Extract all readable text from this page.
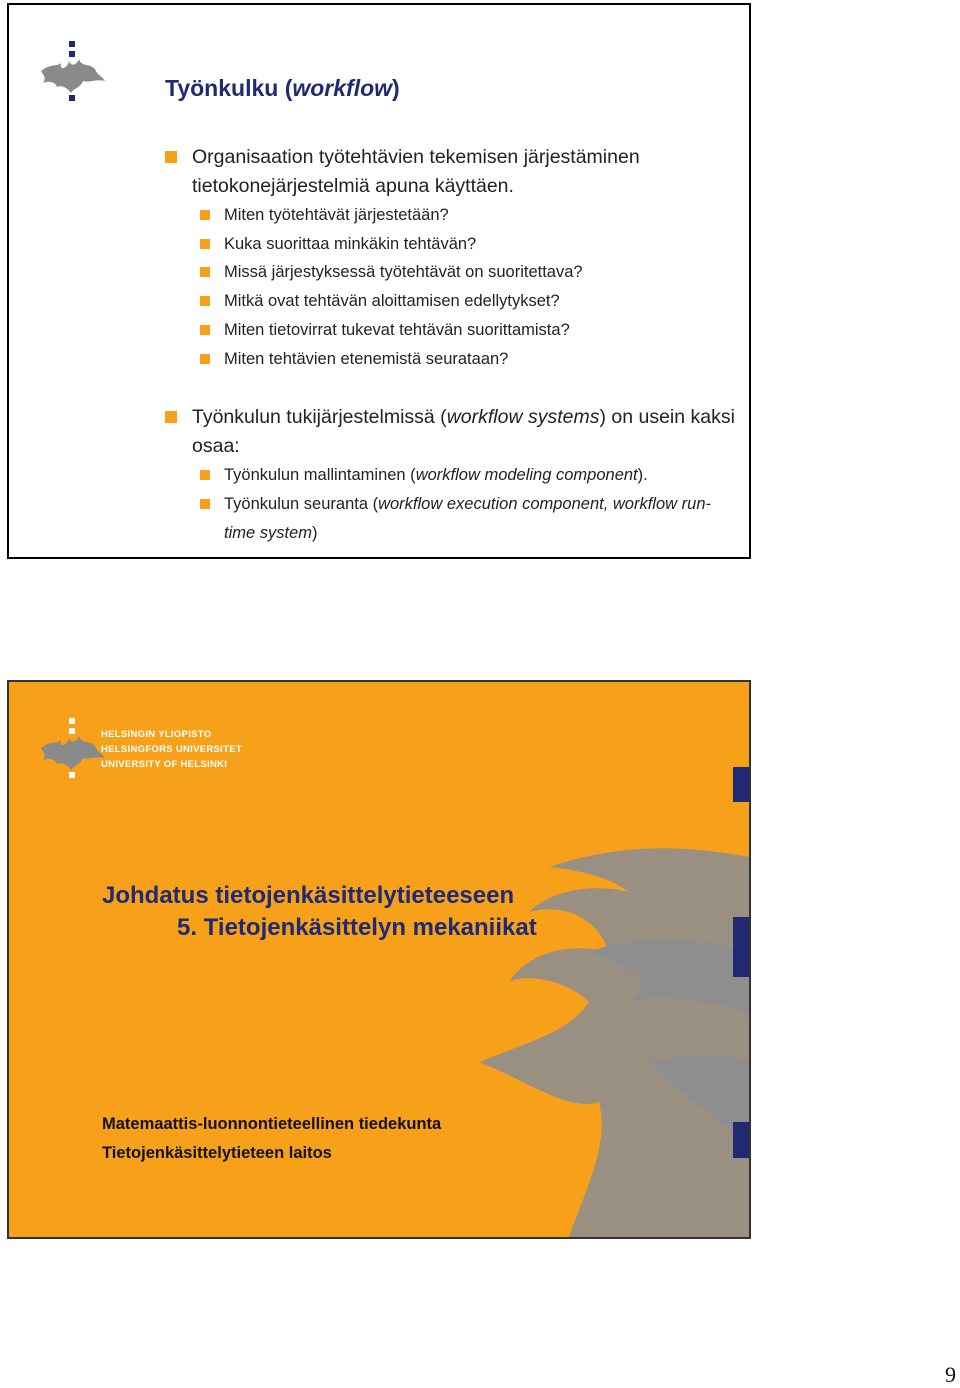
Työnkulku (workflow)

Organisaation työtehtävien tekemisen järjestäminen tietokonejärjestelmiä apuna käyttäen.

Miten työtehtävät järjestetään?
Kuka suorittaa minkäkin tehtävän?
Missä järjestyksessä työtehtävät on suoritettava?
Mitkä ovat tehtävän aloittamisen edellytykset?
Miten tietovirrat tukevat tehtävän suorittamista?
Miten tehtävien etenemistä seurataan?

Työnkulun tukijärjestelmissä (workflow systems) on usein kaksi osaa:

Työnkulun mallintaminen (workflow modeling component).
Työnkulun seuranta (workflow execution component, workflow run-time system)
HELSINGIN YLIOPISTO
HELSINGFORS UNIVERSITET
UNIVERSITY OF HELSINKI
Johdatus tietojenkäsittelytieteeseen
5. Tietojenkäsittelyn mekaniikat
Matemaattis-luonnontieteellinen tiedekunta
Tietojenkäsittelytieteen laitos
9
